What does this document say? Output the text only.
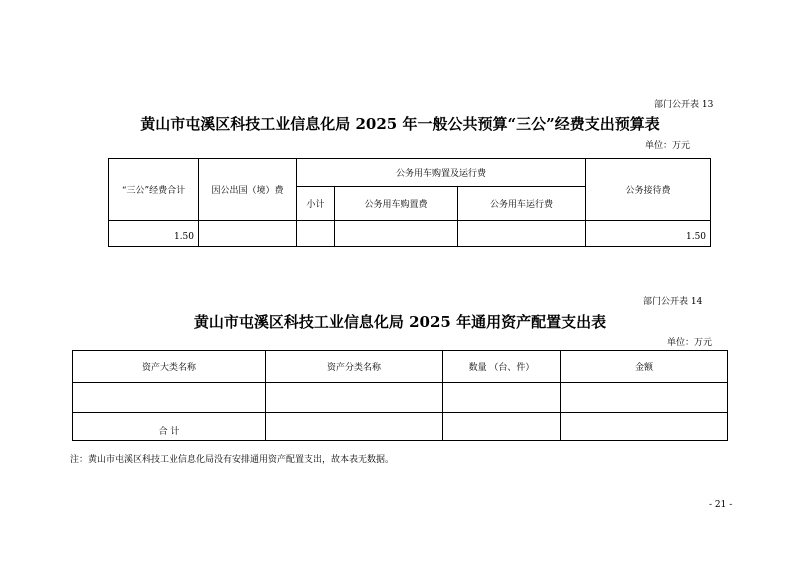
部门公开表 13
黄山市屯溪区科技工业信息化局 2025 年一般公共预算“三公”经费支出预算表
单位：万元
“三公”经费合计	因公出国（境）费	公务用车购置及运行费			公务接待费
		小计	公务用车购置费	公务用车运行费	
1.50					1.50
部门公开表 14
黄山市屯溪区科技工业信息化局 2025 年通用资产配置支出表
单位：万元
资产大类名称	资产分类名称	数量 （台、件）	金额

合 计			
注：黄山市屯溪区科技工业信息化局没有安排通用资产配置支出，故本表无数据。
- 21 -
